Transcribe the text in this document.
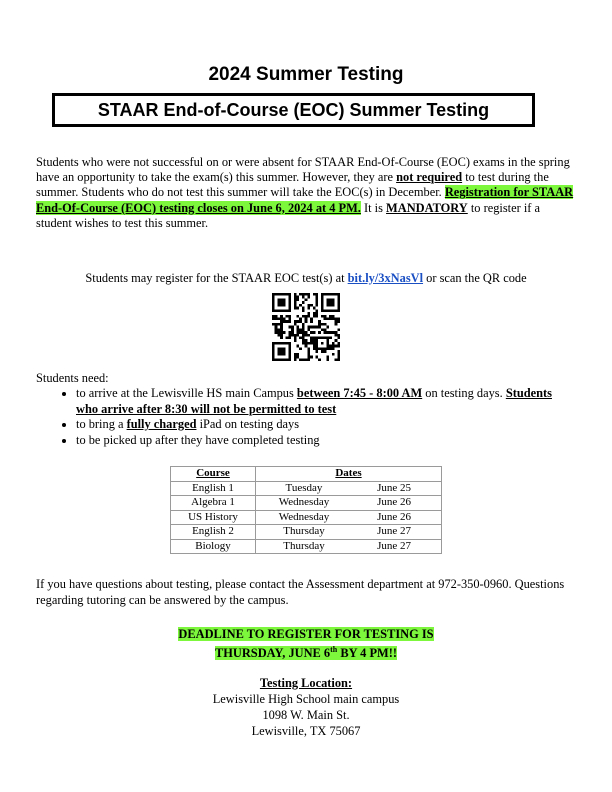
2024 Summer Testing
STAAR End-of-Course (EOC) Summer Testing
Students who were not successful on or were absent for STAAR End-Of-Course (EOC) exams in the spring have an opportunity to take the exam(s) this summer. However, they are not required to test during the summer. Students who do not test this summer will take the EOC(s) in December. Registration for STAAR End-Of-Course (EOC) testing closes on June 6, 2024 at 4 PM. It is MANDATORY to register if a student wishes to test this summer.
Students may register for the STAAR EOC test(s) at bit.ly/3xNasVl or scan the QR code
Students need:
• to arrive at the Lewisville HS main Campus between 7:45 - 8:00 AM on testing days. Students who arrive after 8:30 will not be permitted to test
• to bring a fully charged iPad on testing days
• to be picked up after they have completed testing
Course	Dates	
English 1	Tuesday	June 25
Algebra 1	Wednesday	June 26
US History	Wednesday	June 26
English 2	Thursday	June 27
Biology	Thursday	June 27
If you have questions about testing, please contact the Assessment department at 972-350-0960. Questions regarding tutoring can be answered by the campus.
DEADLINE TO REGISTER FOR TESTING IS
THURSDAY, JUNE 6th BY 4 PM!!
Testing Location:
Lewisville High School main campus
1098 W. Main St.
Lewisville, TX 75067
